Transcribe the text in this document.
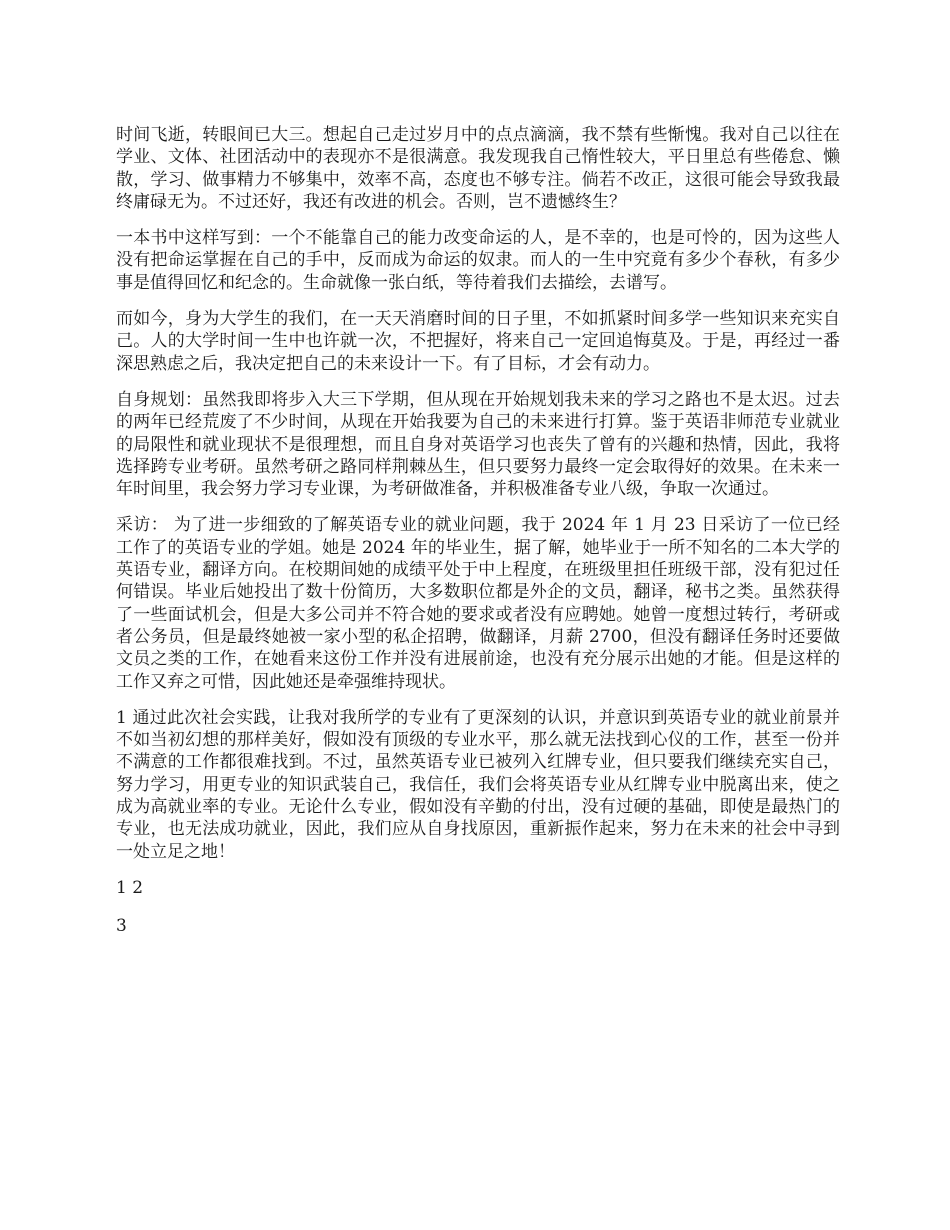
时间飞逝，转眼间已大三。想起自己走过岁月中的点点滴滴，我不禁有些惭愧。我对自己以往在学业、文体、社团活动中的表现亦不是很满意。我发现我自己惰性较大，平日里总有些倦怠、懒散，学习、做事精力不够集中，效率不高，态度也不够专注。倘若不改正，这很可能会导致我最终庸碌无为。不过还好，我还有改进的机会。否则，岂不遗憾终生？

一本书中这样写到：一个不能靠自己的能力改变命运的人，是不幸的，也是可怜的，因为这些人没有把命运掌握在自己的手中，反而成为命运的奴隶。而人的一生中究竟有多少个春秋，有多少事是值得回忆和纪念的。生命就像一张白纸，等待着我们去描绘，去谱写。

而如今，身为大学生的我们，在一天天消磨时间的日子里，不如抓紧时间多学一些知识来充实自己。人的大学时间一生中也许就一次，不把握好，将来自己一定回追悔莫及。于是，再经过一番深思熟虑之后，我决定把自己的未来设计一下。有了目标，才会有动力。

自身规划：虽然我即将步入大三下学期，但从现在开始规划我未来的学习之路也不是太迟。过去的两年已经荒废了不少时间，从现在开始我要为自己的未来进行打算。鉴于英语非师范专业就业的局限性和就业现状不是很理想，而且自身对英语学习也丧失了曾有的兴趣和热情，因此，我将选择跨专业考研。虽然考研之路同样荆棘丛生，但只要努力最终一定会取得好的效果。在未来一年时间里，我会努力学习专业课，为考研做准备，并积极准备专业八级，争取一次通过。

采访： 为了进一步细致的了解英语专业的就业问题，我于 2024 年 1 月 23 日采访了一位已经工作了的英语专业的学姐。她是 2024 年的毕业生，据了解，她毕业于一所不知名的二本大学的英语专业，翻译方向。在校期间她的成绩平处于中上程度，在班级里担任班级干部，没有犯过任何错误。毕业后她投出了数十份简历，大多数职位都是外企的文员，翻译，秘书之类。虽然获得了一些面试机会，但是大多公司并不符合她的要求或者没有应聘她。她曾一度想过转行，考研或者公务员，但是最终她被一家小型的私企招聘，做翻译，月薪 2700，但没有翻译任务时还要做文员之类的工作，在她看来这份工作并没有进展前途，也没有充分展示出她的才能。但是这样的工作又弃之可惜，因此她还是牵强维持现状。

1 通过此次社会实践，让我对我所学的专业有了更深刻的认识，并意识到英语专业的就业前景并不如当初幻想的那样美好，假如没有顶级的专业水平，那么就无法找到心仪的工作，甚至一份并不满意的工作都很难找到。不过，虽然英语专业已被列入红牌专业，但只要我们继续充实自己，努力学习，用更专业的知识武装自己，我信任，我们会将英语专业从红牌专业中脱离出来，使之成为高就业率的专业。无论什么专业，假如没有辛勤的付出，没有过硬的基础，即使是最热门的专业，也无法成功就业，因此，我们应从自身找原因，重新振作起来，努力在未来的社会中寻到一处立足之地！

1 2

3
